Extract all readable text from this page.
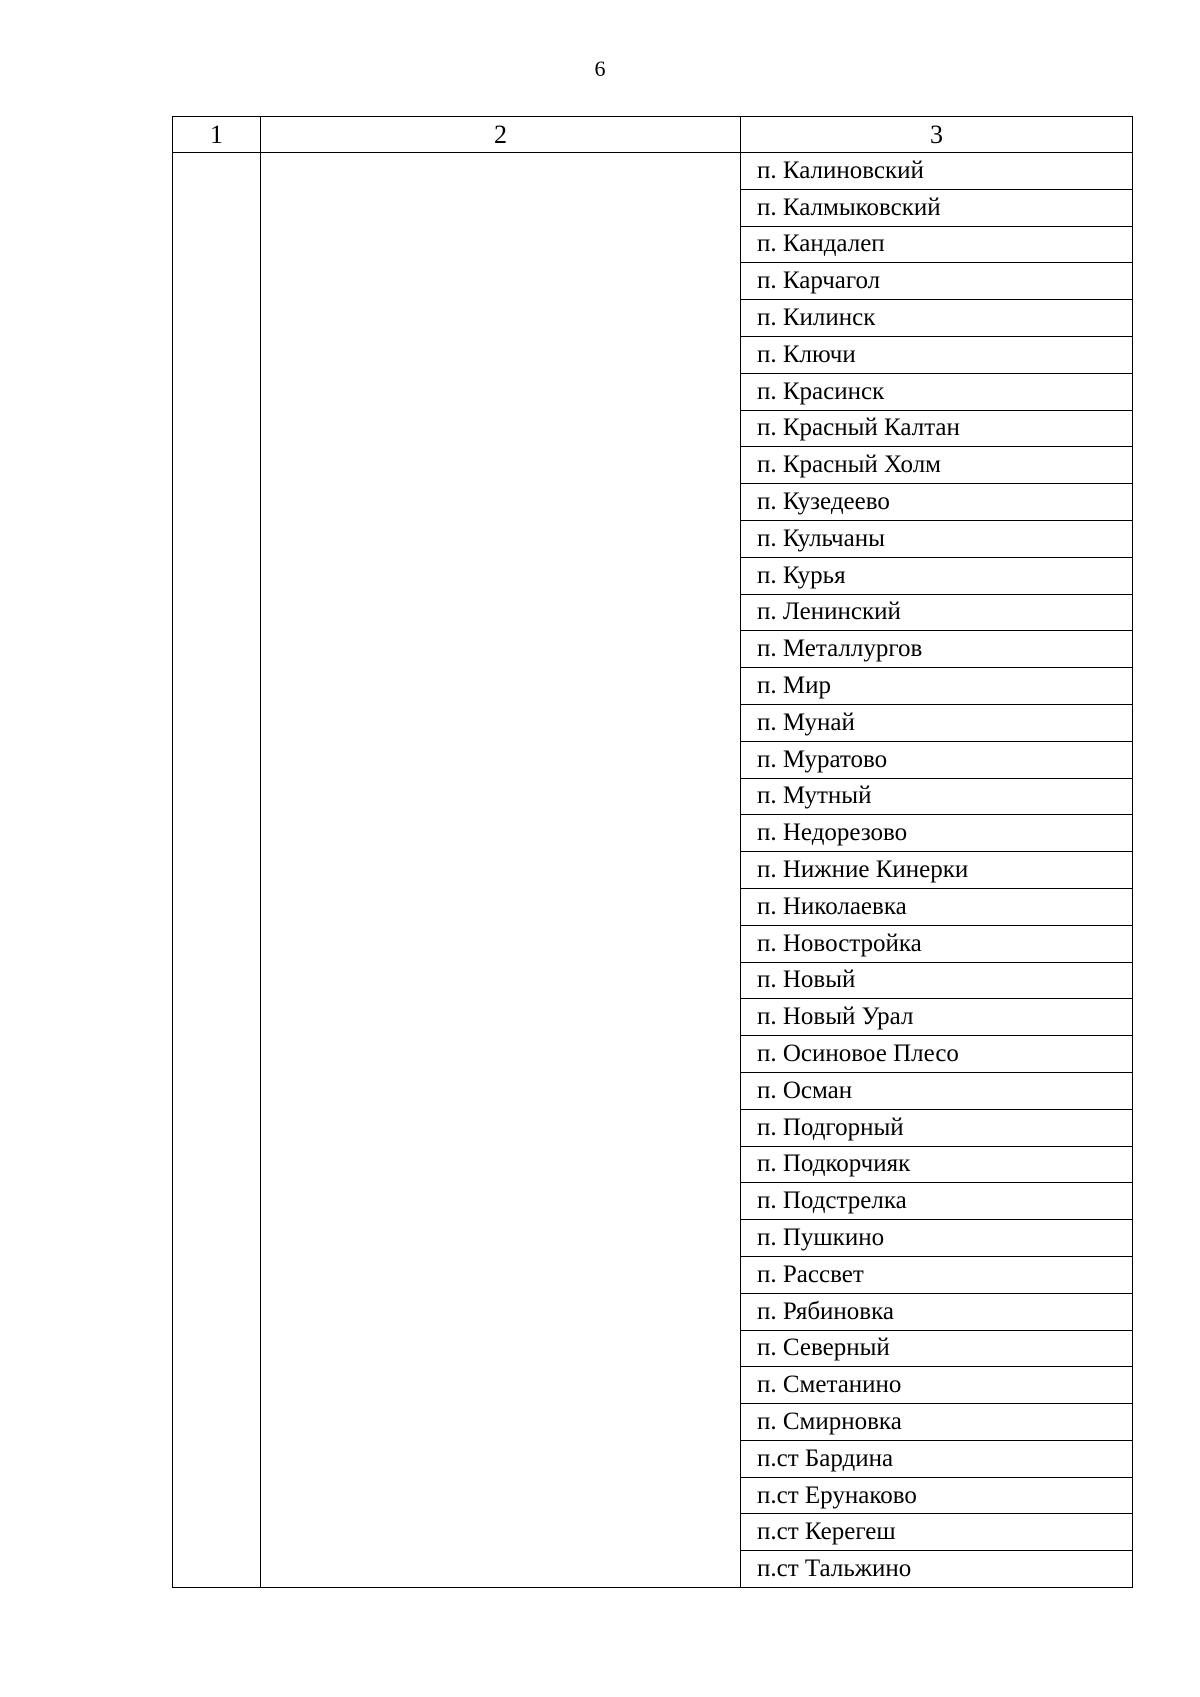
6
1	2	3
		п. Калиновский
		п. Калмыковский
		п. Кандалеп
		п. Карчагол
		п. Килинск
		п. Ключи
		п. Красинск
		п. Красный Калтан
		п. Красный Холм
		п. Кузедеево
		п. Кульчаны
		п. Курья
		п. Ленинский
		п. Металлургов
		п. Мир
		п. Мунай
		п. Муратово
		п. Мутный
		п. Недорезово
		п. Нижние Кинерки
		п. Николаевка
		п. Новостройка
		п. Новый
		п. Новый Урал
		п. Осиновое Плесо
		п. Осман
		п. Подгорный
		п. Подкорчияк
		п. Подстрелка
		п. Пушкино
		п. Рассвет
		п. Рябиновка
		п. Северный
		п. Сметанино
		п. Смирновка
		п.ст Бардина
		п.ст Ерунаково
		п.ст Керегеш
		п.ст Тальжино
